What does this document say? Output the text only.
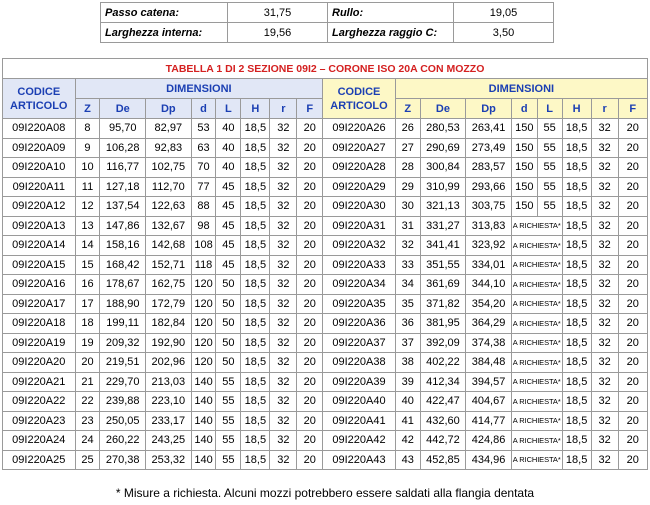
Passo catena:	31,75	Rullo:	19,05
Larghezza interna:	19,56	Larghezza raggio C:	3,50
TABELLA 1 DI 2 SEZIONE 09I2 – CORONE ISO 20A CON MOZZO																	
CODICE ARTICOLO	DIMENSIONI								CODICE ARTICOLO	DIMENSIONI							
	Z	De	Dp	d	L	H	r	F		Z	De	Dp	d	L	H	r	F
09I220A08	8	95,70	82,97	53	40	18,5	32	20	09I220A26	26	280,53	263,41	150	55	18,5	32	20
09I220A09	9	106,28	92,83	63	40	18,5	32	20	09I220A27	27	290,69	273,49	150	55	18,5	32	20
09I220A10	10	116,77	102,75	70	40	18,5	32	20	09I220A28	28	300,84	283,57	150	55	18,5	32	20
09I220A11	11	127,18	112,70	77	45	18,5	32	20	09I220A29	29	310,99	293,66	150	55	18,5	32	20
09I220A12	12	137,54	122,63	88	45	18,5	32	20	09I220A30	30	321,13	303,75	150	55	18,5	32	20
09I220A13	13	147,86	132,67	98	45	18,5	32	20	09I220A31	31	331,27	313,83	A RICHIESTA*		18,5	32	20
09I220A14	14	158,16	142,68	108	45	18,5	32	20	09I220A32	32	341,41	323,92	A RICHIESTA*		18,5	32	20
09I220A15	15	168,42	152,71	118	45	18,5	32	20	09I220A33	33	351,55	334,01	A RICHIESTA*		18,5	32	20
09I220A16	16	178,67	162,75	120	50	18,5	32	20	09I220A34	34	361,69	344,10	A RICHIESTA*		18,5	32	20
09I220A17	17	188,90	172,79	120	50	18,5	32	20	09I220A35	35	371,82	354,20	A RICHIESTA*		18,5	32	20
09I220A18	18	199,11	182,84	120	50	18,5	32	20	09I220A36	36	381,95	364,29	A RICHIESTA*		18,5	32	20
09I220A19	19	209,32	192,90	120	50	18,5	32	20	09I220A37	37	392,09	374,38	A RICHIESTA*		18,5	32	20
09I220A20	20	219,51	202,96	120	50	18,5	32	20	09I220A38	38	402,22	384,48	A RICHIESTA*		18,5	32	20
09I220A21	21	229,70	213,03	140	55	18,5	32	20	09I220A39	39	412,34	394,57	A RICHIESTA*		18,5	32	20
09I220A22	22	239,88	223,10	140	55	18,5	32	20	09I220A40	40	422,47	404,67	A RICHIESTA*		18,5	32	20
09I220A23	23	250,05	233,17	140	55	18,5	32	20	09I220A41	41	432,60	414,77	A RICHIESTA*		18,5	32	20
09I220A24	24	260,22	243,25	140	55	18,5	32	20	09I220A42	42	442,72	424,86	A RICHIESTA*		18,5	32	20
09I220A25	25	270,38	253,32	140	55	18,5	32	20	09I220A43	43	452,85	434,96	A RICHIESTA*		18,5	32	20
* Misure a richiesta. Alcuni mozzi potrebbero essere saldati alla flangia dentata
